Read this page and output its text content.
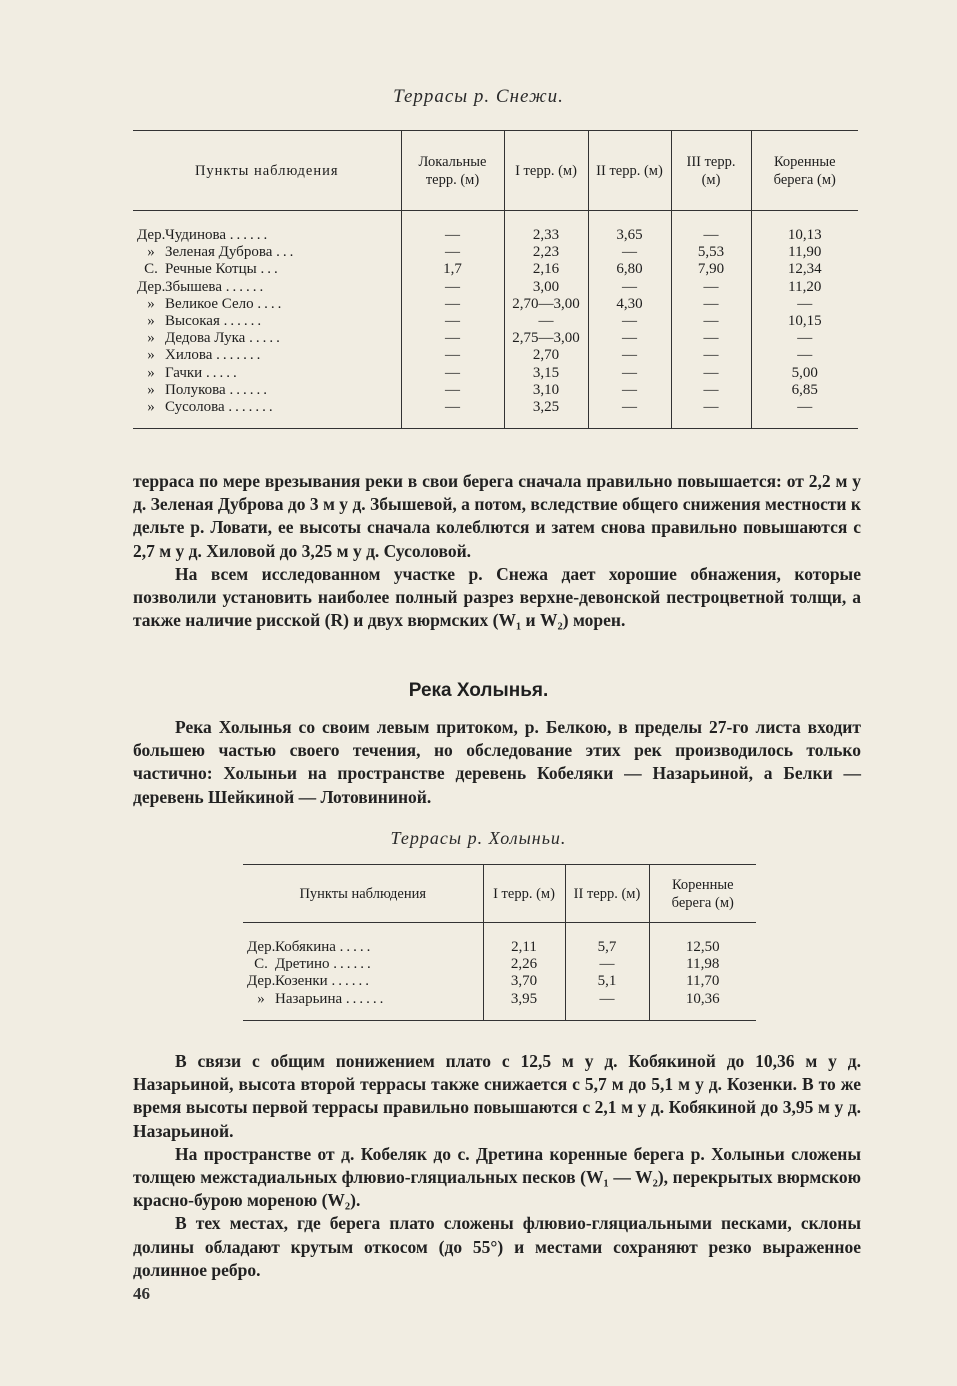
Террасы р. Снежи.
Пункты наблюдения	Локальные терр. (м)	I терр. (м)	II терр. (м)	III терр. (м)	Коренные берега (м)

Дер.Чудинова ......	—	2,33	3,65	—	10,13
» Зеленая Дуброва ...	—	2,23	—	5,53	11,90
С. Речные Котцы ...	1,7	2,16	6,80	7,90	12,34
Дер.Збышева ......	—	3,00	—	—	11,20
» Великое Село ....	—	2,70—3,00	4,30	—	—
» Высокая ......	—	—	—	—	10,15
» Дедова Лука .....	—	2,75—3,00	—	—	—
» Хилова .......	—	2,70	—	—	—
» Гачки .....	—	3,15	—	—	5,00
» Полукова ......	—	3,10	—	—	6,85
» Сусолова .......	—	3,25	—	—	—

терраса по мере врезывания реки в свои берега сначала правильно повышается: от 2,2 м у д. Зеленая Дуброва до 3 м у д. Збышевой, а потом, вследствие общего снижения местности к дельте р. Ловати, ее высоты сначала колеблются и затем снова правильно повышаются с 2,7 м у д. Хиловой до 3,25 м у д. Сусоловой.

На всем исследованном участке р. Снежа дает хорошие обнажения, которые позволили установить наиболее полный разрез верхне-девонской пестроцветной толщи, а также наличие рисской (R) и двух вюрмских (W₁ и W₂) морен.

Река Холынья.

Река Холынья со своим левым притоком, р. Белкою, в пределы 27-го листа входит большею частью своего течения, но обследование этих рек производилось только частично: Холыньи на пространстве деревень Кобеляки — Назарьиной, а Белки — деревень Шейкиной — Лотовининой.

Террасы р. Холыньи.
Пункты наблюдения	I терр. (м)	II терр. (м)	Коренные берега (м)

Дер.Кобякина .....	2,11	5,7	12,50
С. Дретино ......	2,26	—	11,98
Дер.Козенки ......	3,70	5,1	11,70
» Назарьина ......	3,95	—	10,36

В связи с общим понижением плато с 12,5 м у д. Кобякиной до 10,36 м у д. Назарьиной, высота второй террасы также снижается с 5,7 м до 5,1 м у д. Козенки. В то же время высоты первой террасы правильно повышаются с 2,1 м у д. Кобякиной до 3,95 м у д. Назарьиной.

На пространстве от д. Кобеляк до с. Дретина коренные берега р. Холыньи сложены толщею межстадиальных флювио-гляциальных песков (W₁ — W₂), перекрытых вюрмскою красно-бурою мореною (W₂).

В тех местах, где берега плато сложены флювио-гляциальными песками, склоны долины обладают крутым откосом (до 55°) и местами сохраняют резко выраженное долинное ребро.

46
